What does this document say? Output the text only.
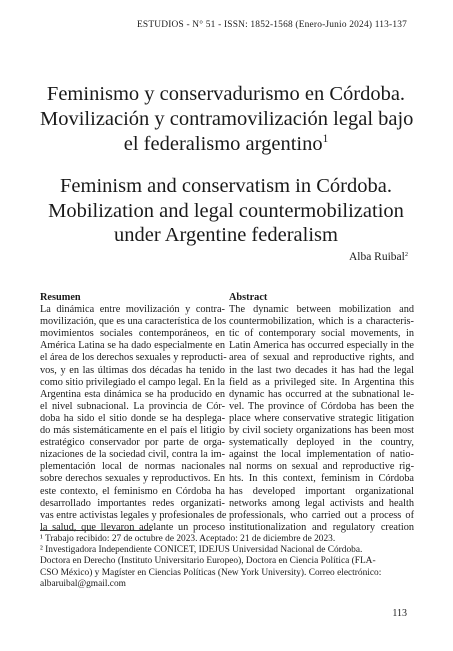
ESTUDIOS - N° 51 - ISSN: 1852-1568 (Enero-Junio 2024) 113-137
Feminismo y conservadurismo en Córdoba.
Movilización y contramovilización legal bajo
el federalismo argentino$^1$
Feminism and conservatism in Córdoba.
Mobilization and legal countermobilization
under Argentine federalism
Alba Ruibal$^2$
Resumen
La dinámica entre movilización y contra-
movilización, que es una característica de los
movimientos sociales contemporáneos, en
América Latina se ha dado especialmente en
el área de los derechos sexuales y reproducti-
vos, y en las últimas dos décadas ha tenido
como sitio privilegiado el campo legal. En la
Argentina esta dinámica se ha producido en
el nivel subnacional. La provincia de Cór-
doba ha sido el sitio donde se ha desplega-
do más sistemáticamente en el país el litigio
estratégico conservador por parte de orga-
nizaciones de la sociedad civil, contra la im-
plementación local de normas nacionales
sobre derechos sexuales y reproductivos. En
este contexto, el feminismo en Córdoba ha
desarrollado importantes redes organizati-
vas entre activistas legales y profesionales de
la salud, que llevaron adelante un proceso
Abstract
The dynamic between mobilization and
countermobilization, which is a characteris-
tic of contemporary social movements, in
Latin America has occurred especially in the
area of sexual and reproductive rights, and
in the last two decades it has had the legal
field as a privileged site. In Argentina this
dynamic has occurred at the subnational le-
vel. The province of Córdoba has been the
place where conservative strategic litigation
by civil society organizations has been most
systematically deployed in the country,
against the local implementation of natio-
nal norms on sexual and reproductive rig-
hts. In this context, feminism in Córdoba
has developed important organizational
networks among legal activists and health
professionals, who carried out a process of
institutionalization and regulatory creation
¹ Trabajo recibido: 27 de octubre de 2023. Aceptado: 21 de diciembre de 2023.
² Investigadora Independiente CONICET, IDEJUS Universidad Nacional de Córdoba.
Doctora en Derecho (Instituto Universitario Europeo), Doctora en Ciencia Política (FLA-
CSO México) y Magíster en Ciencias Políticas (New York University). Correo electrónico:
albaruibal@gmail.com
113
